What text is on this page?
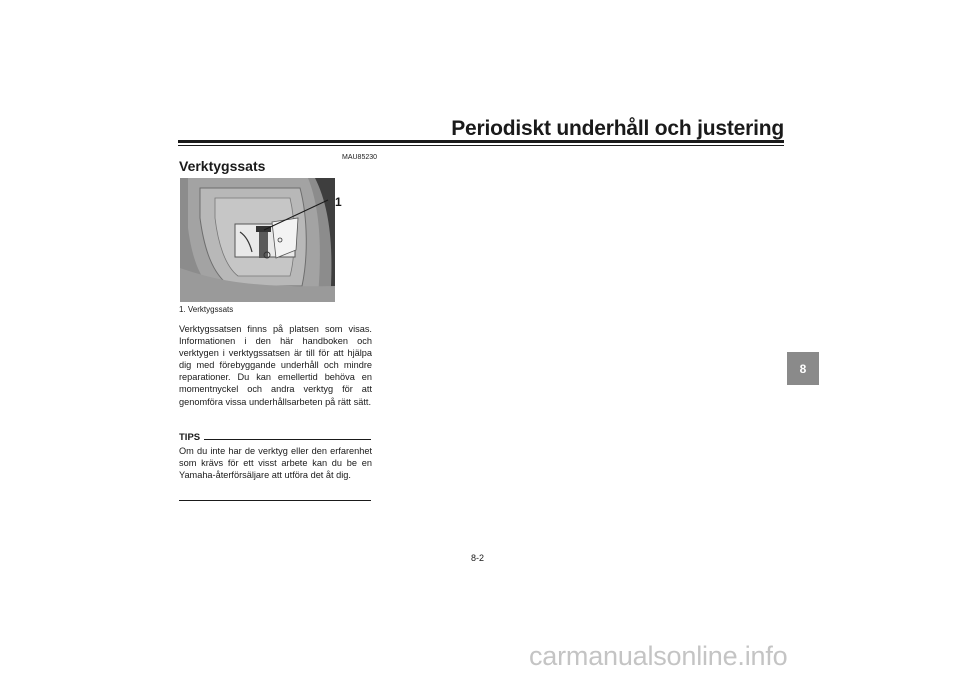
Periodiskt underhåll och justering
MAU85230
Verktygssats
1
1. Verktygssats
Verktygssatsen finns på platsen som visas. Informationen i den här handboken och verktygen i verktygssatsen är till för att hjälpa dig med förebyggande underhåll och mindre reparationer. Du kan emellertid behöva en momentnyckel och andra verktyg för att genomföra vissa underhållsarbeten på rätt sätt.
TIPS
Om du inte har de verktyg eller den erfarenhet som krävs för ett visst arbete kan du be en Yamaha-återförsäljare att utföra det åt dig.
8-2
8
carmanualsonline.info
